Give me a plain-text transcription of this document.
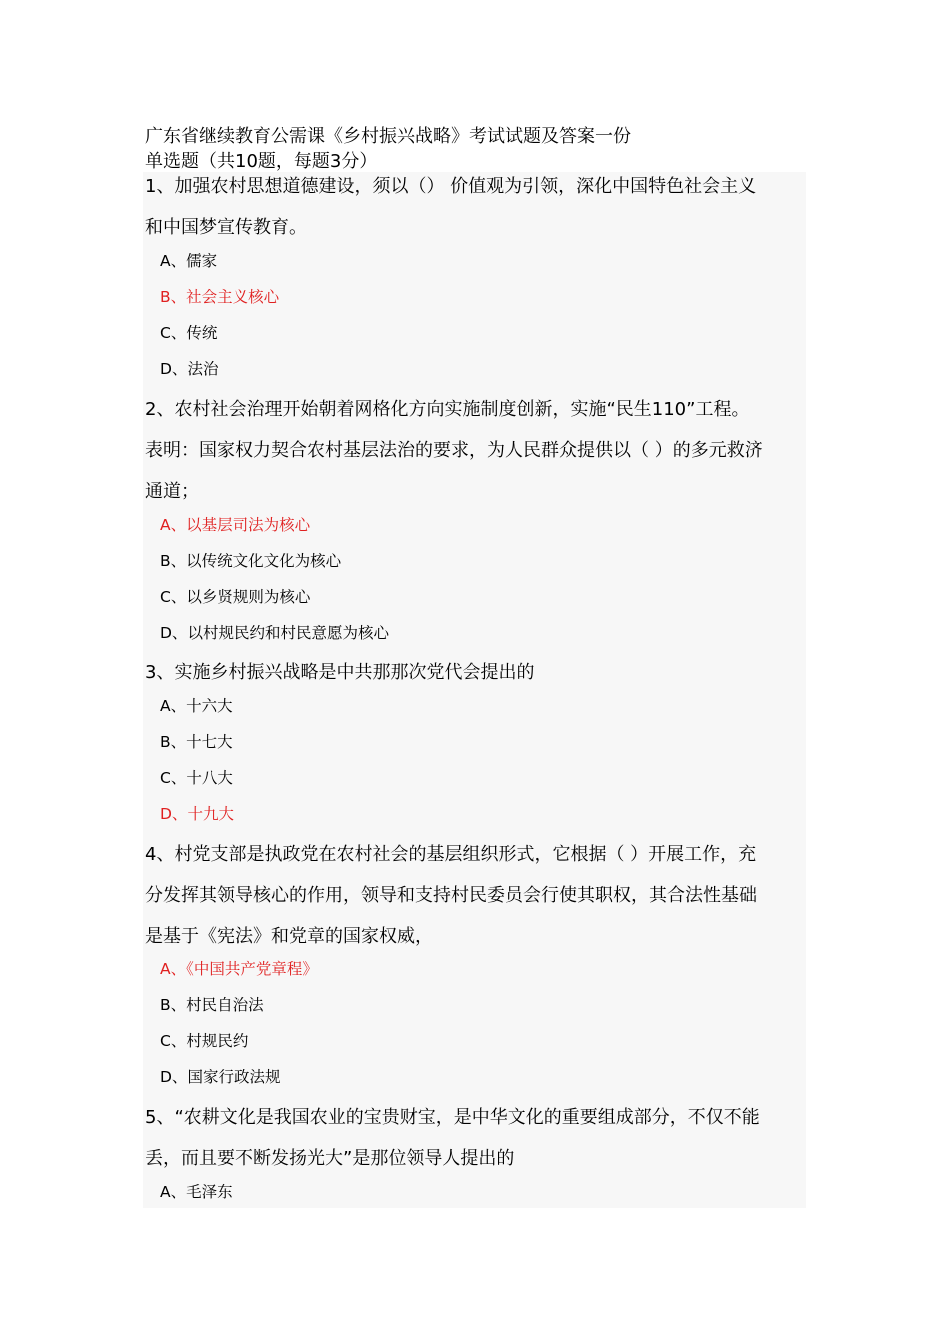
广东省继续教育公需课《乡村振兴战略》考试试题及答案一份
单选题（共10题，每题3分）
1、加强农村思想道德建设，须以（） 价值观为引领，深化中国特色社会主义
和中国梦宣传教育。
A、儒家
B、社会主义核心
C、传统
D、法治
2、农村社会治理开始朝着网格化方向实施制度创新，实施“民生110”工程。
表明：国家权力契合农村基层法治的要求，为人民群众提供以（ ）的多元救济
通道；
A、以基层司法为核心
B、以传统文化文化为核心
C、以乡贤规则为核心
D、以村规民约和村民意愿为核心
3、实施乡村振兴战略是中共那那次党代会提出的
A、十六大
B、十七大
C、十八大
D、十九大
4、村党支部是执政党在农村社会的基层组织形式，它根据（ ）开展工作，充
分发挥其领导核心的作用，领导和支持村民委员会行使其职权，其合法性基础
是基于《宪法》和党章的国家权威，
A、《中国共产党章程》
B、村民自治法
C、村规民约
D、国家行政法规
5、“农耕文化是我国农业的宝贵财宝，是中华文化的重要组成部分，不仅不能
丢，而且要不断发扬光大”是那位领导人提出的
A、毛泽东
